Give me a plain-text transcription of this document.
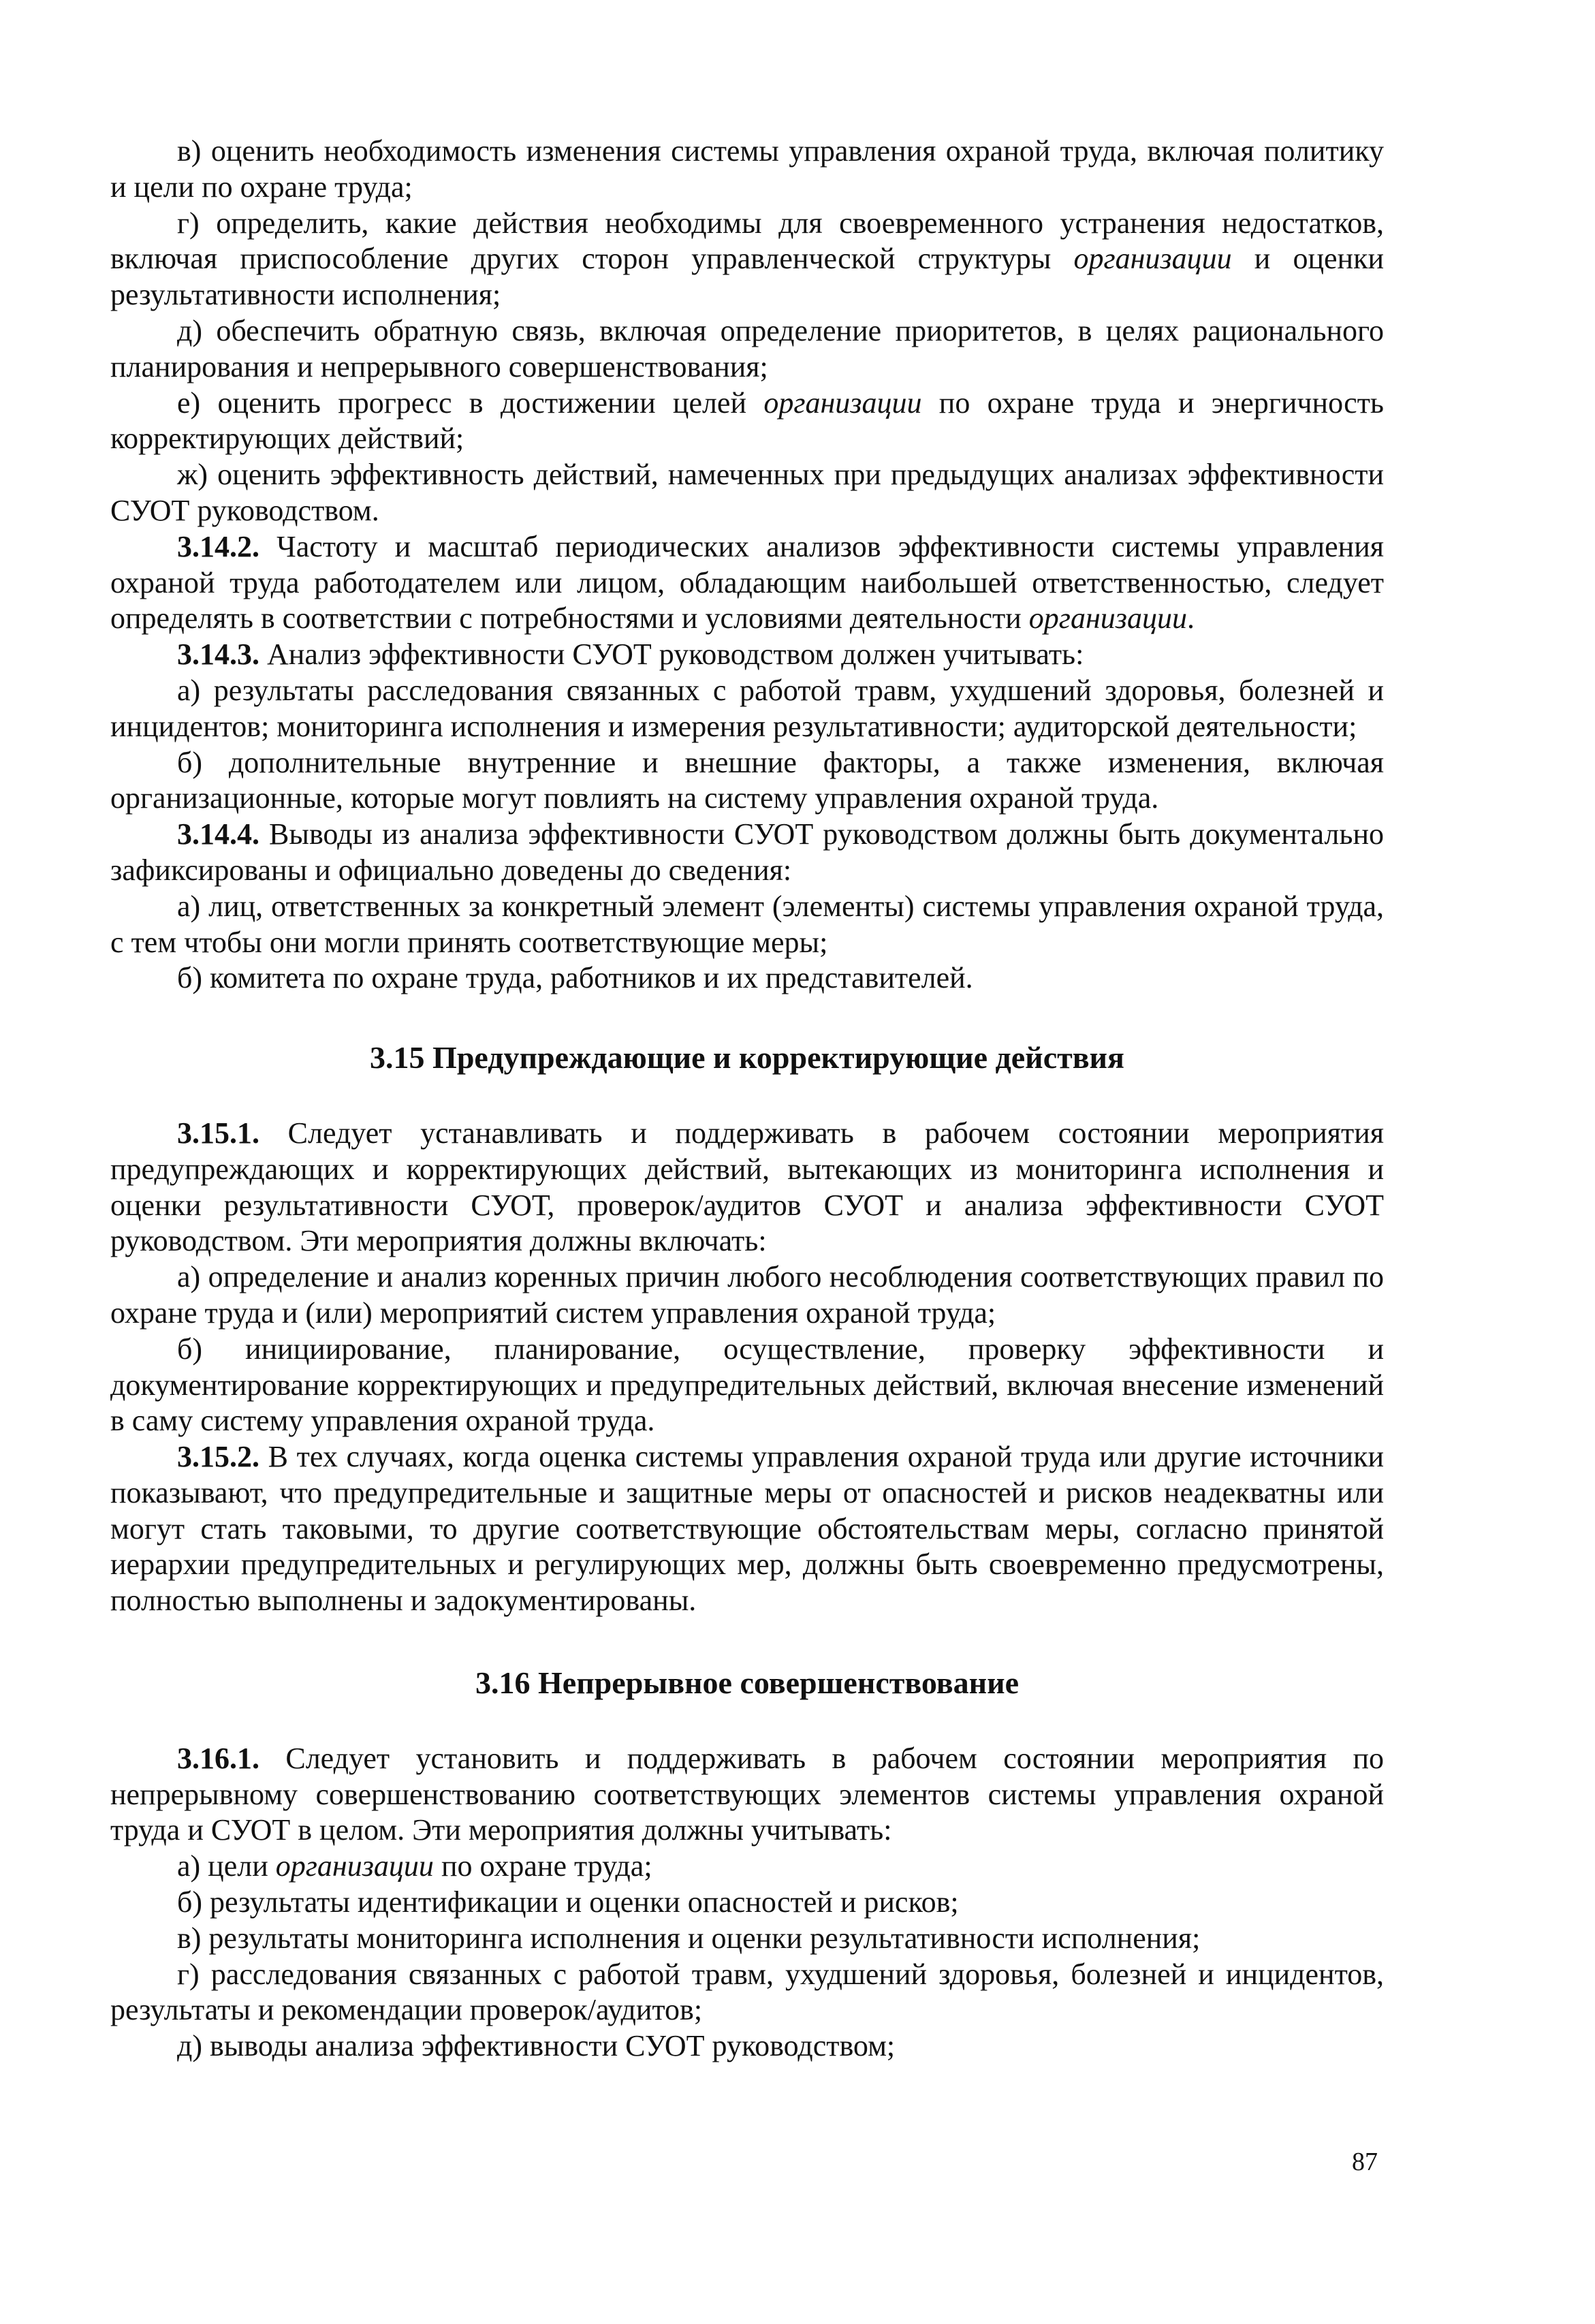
в) оценить необходимость изменения системы управления охраной труда, включая политику и цели по охране труда;

г) определить, какие действия необходимы для своевременного устранения недостатков, включая приспособление других сторон управленческой структуры организации и оценки результативности исполнения;

д) обеспечить обратную связь, включая определение приоритетов, в целях рационального планирования и непрерывного совершенствования;

е) оценить прогресс в достижении целей организации по охране труда и энергичность корректирующих действий;

ж) оценить эффективность действий, намеченных при предыдущих анализах эффективности СУОТ руководством.

3.14.2. Частоту и масштаб периодических анализов эффективности системы управления охраной труда работодателем или лицом, обладающим наибольшей ответственностью, следует определять в соответствии с потребностями и условиями деятельности организации.

3.14.3. Анализ эффективности СУОТ руководством должен учитывать:

а) результаты расследования связанных с работой травм, ухудшений здоровья, болезней и инцидентов; мониторинга исполнения и измерения результативности; аудиторской деятельности;

б) дополнительные внутренние и внешние факторы, а также изменения, включая организационные, которые могут повлиять на систему управления охраной труда.

3.14.4. Выводы из анализа эффективности СУОТ руководством должны быть документально зафиксированы и официально доведены до сведения:

а) лиц, ответственных за конкретный элемент (элементы) системы управления охраной труда, с тем чтобы они могли принять соответствующие меры;

б) комитета по охране труда, работников и их представителей.

3.15 Предупреждающие и корректирующие действия

3.15.1. Следует устанавливать и поддерживать в рабочем состоянии мероприятия предупреждающих и корректирующих действий, вытекающих из мониторинга исполнения и оценки результативности СУОТ, проверок/аудитов СУОТ и анализа эффективности СУОТ руководством. Эти мероприятия должны включать:

а) определение и анализ коренных причин любого несоблюдения соответствующих правил по охране труда и (или) мероприятий систем управления охраной труда;

б) инициирование, планирование, осуществление, проверку эффективности и документирование корректирующих и предупредительных действий, включая внесение изменений в саму систему управления охраной труда.

3.15.2. В тех случаях, когда оценка системы управления охраной труда или другие источники показывают, что предупредительные и защитные меры от опасностей и рисков неадекватны или могут стать таковыми, то другие соответствующие обстоятельствам меры, согласно принятой иерархии предупредительных и регулирующих мер, должны быть своевременно предусмотрены, полностью выполнены и задокументированы.

3.16 Непрерывное совершенствование

3.16.1. Следует установить и поддерживать в рабочем состоянии мероприятия по непрерывному совершенствованию соответствующих элементов системы управления охраной труда и СУОТ в целом. Эти мероприятия должны учитывать:

а) цели организации по охране труда;

б) результаты идентификации и оценки опасностей и рисков;

в) результаты мониторинга исполнения и оценки результативности исполнения;

г) расследования связанных с работой травм, ухудшений здоровья, болезней и инцидентов, результаты и рекомендации проверок/аудитов;

д) выводы анализа эффективности СУОТ руководством;

87
